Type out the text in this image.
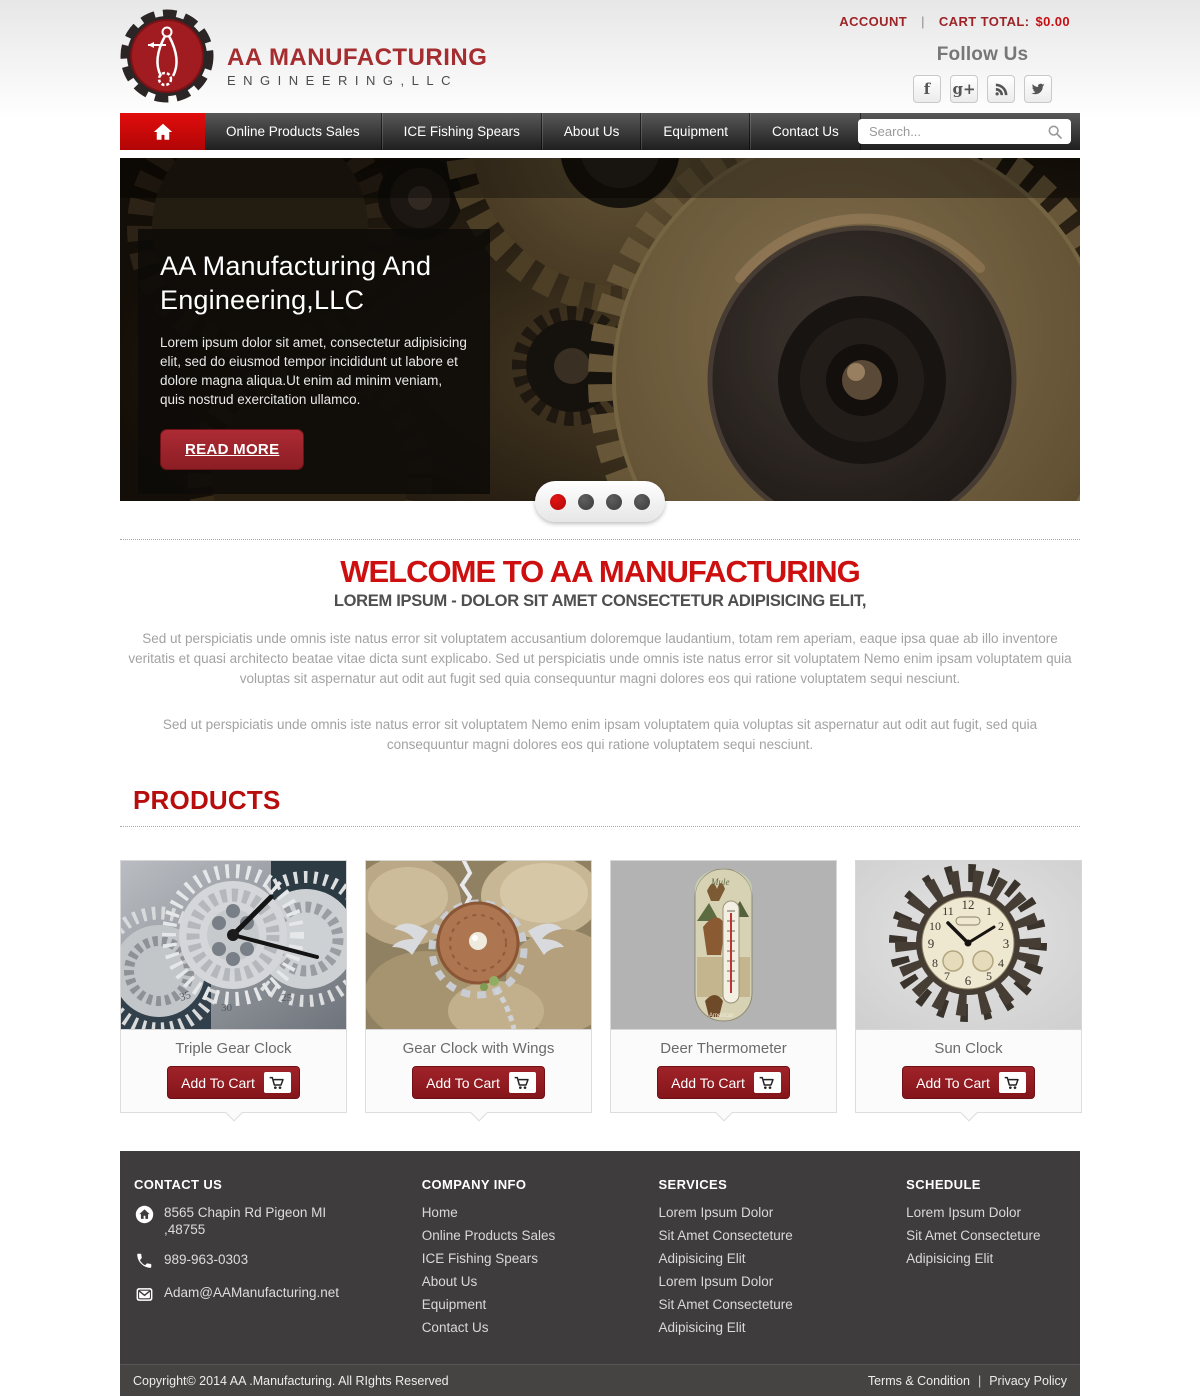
AA MANUFACTURING
ENGINEERING,LLC
ACCOUNT | CART TOTAL: $0.00
Follow Us
f g+
Online Products Sales	ICE Fishing Spears	About Us	Equipment	Contact Us
Search...
AA Manufacturing And
Engineering,LLC

Lorem ipsum dolor sit amet, consectetur adipisicing elit, sed do eiusmod tempor incididunt ut labore et dolore magna aliqua.Ut enim ad minim veniam, quis nostrud exercitation ullamco.

READ MORE
WELCOME TO AA MANUFACTURING
LOREM IPSUM - DOLOR SIT AMET CONSECTETUR ADIPISICING ELIT,

Sed ut perspiciatis unde omnis iste natus error sit voluptatem accusantium doloremque laudantium, totam rem aperiam, eaque ipsa quae ab illo inventore veritatis et quasi architecto beatae vitae dicta sunt explicabo. Sed ut perspiciatis unde omnis iste natus error sit voluptatem Nemo enim ipsam voluptatem quia voluptas sit aspernatur aut odit aut fugit sed quia consequuntur magni dolores eos qui ratione voluptatem sequi nesciunt.

Sed ut perspiciatis unde omnis iste natus error sit voluptatem Nemo enim ipsam voluptatem quia voluptas sit aspernatur aut odit aut fugit, sed quia consequuntur magni dolores eos qui ratione voluptatem sequi nesciunt.

PRODUCTS
35
30
25
Triple Gear Clock
Add To Cart
Gear Clock with Wings
Add To Cart
Mule
American
Deer Thermometer
Add To Cart
12
3
6
9
1
2
4
5
7
8
10
11
Sun Clock
Add To Cart
CONTACT US
8565 Chapin Rd Pigeon MI
,48755
989-963-0303
Adam@AAManufacturing.net
COMPANY INFO
Home
Online Products Sales
ICE Fishing Spears
About Us
Equipment
Contact Us
SERVICES
Lorem Ipsum Dolor
Sit Amet Consecteture
Adipisicing Elit
Lorem Ipsum Dolor
Sit Amet Consecteture
Adipisicing Elit
SCHEDULE
Lorem Ipsum Dolor
Sit Amet Consecteture
Adipisicing Elit
Copyright© 2014 AA .Manufacturing. All RIghts Reserved	Terms & Condition | Privacy Policy
